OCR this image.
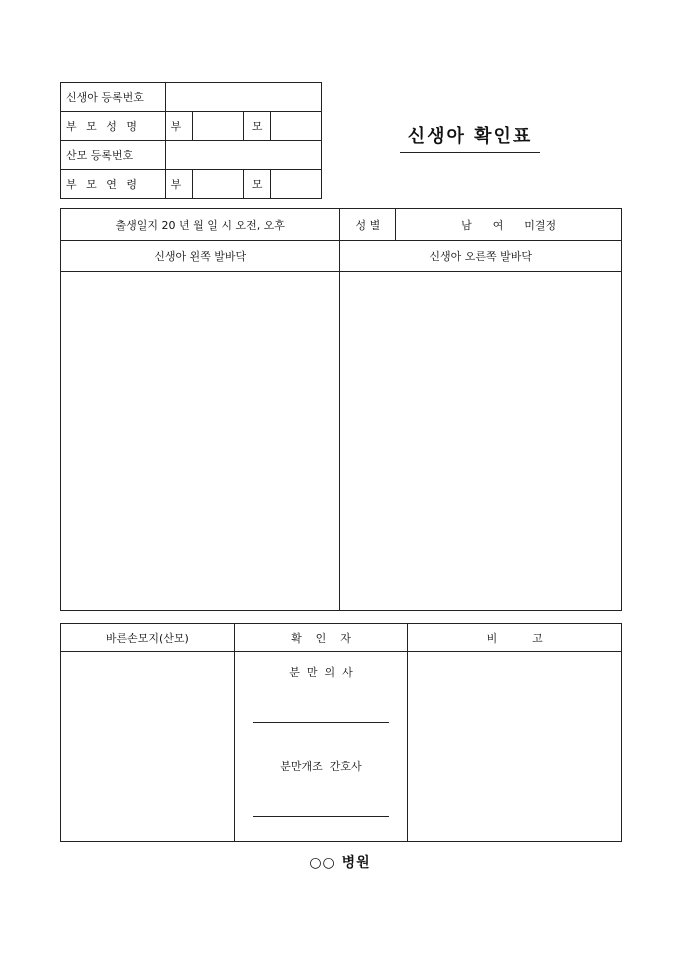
신생아 등록번호				
부 모 성 명	부		모	
산모 등록번호				
부 모 연 령	부		모	
신생아 확인표
출생일지 20 년 월 일 시 오전, 오후	성 별	남      여      미결정
신생아 왼쪽 발바닥	신생아 오른쪽 발바닥	

바른손모지(산모)	확    인    자	비          고

	분  만  의  사
분만개조  간호사	

○○ 병원
